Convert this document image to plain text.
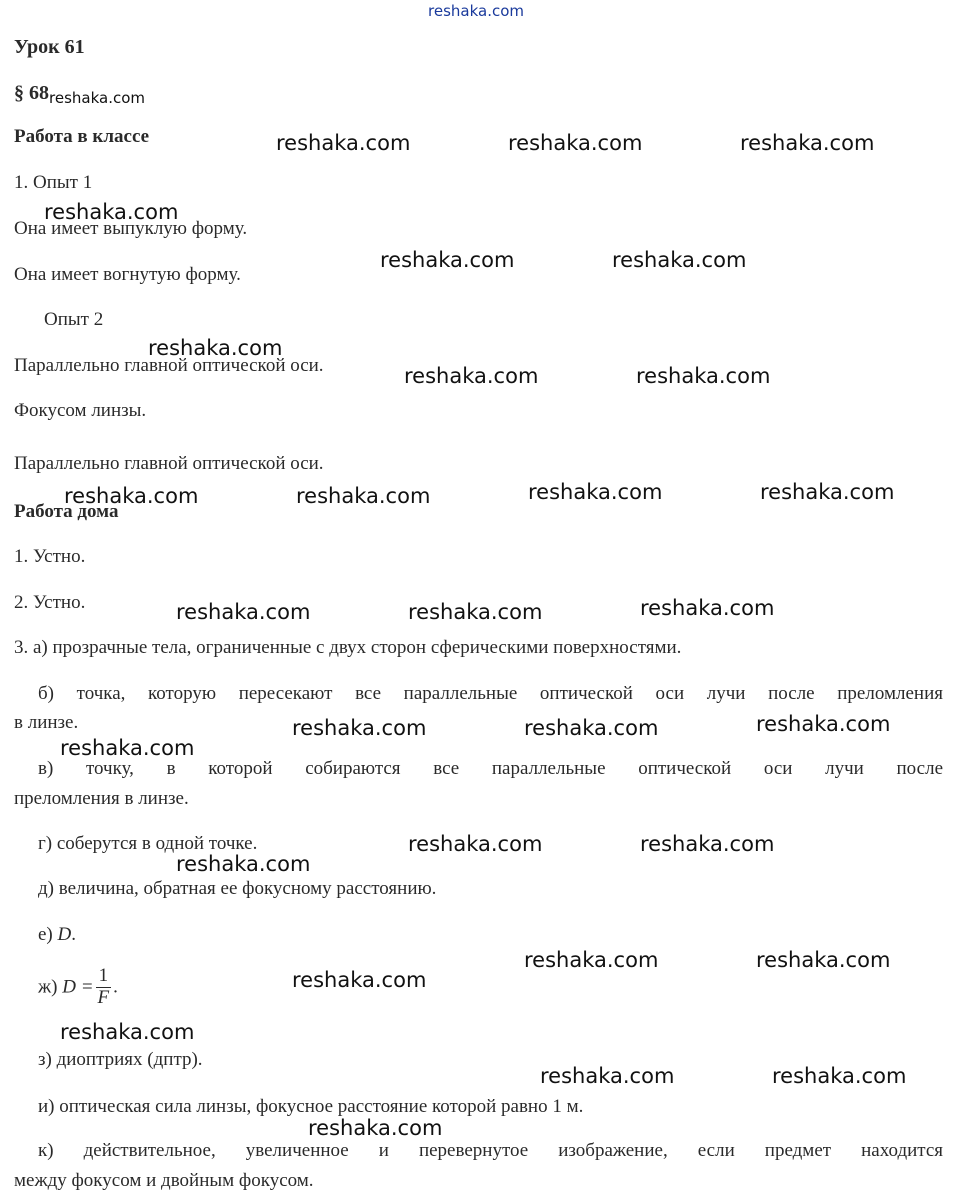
reshaka.com
Урок 61
§ $68_{reshaka.com}$
Работа в классе
1. Опыт 1
Она имеет выпуклую форму.
Она имеет вогнутую форму.
Опыт 2
Параллельно главной оптической оси.
Фокусом линзы.
Параллельно главной оптической оси.
Работа дома
1. Устно.
2. Устно.
3. а) прозрачные тела, ограниченные с двух сторон сферическими поверхностями.
б) точка, которую пересекают все параллельные оптической оси лучи после преломления
в линзе.
в) точку, в которой собираются все параллельные оптической оси лучи после
преломления в линзе.
г) соберутся в одной точке.
д) величина, обратная ее фокусному расстоянию.
е) D.
ж) $D = \frac{1}{F}$ .
з) диоптриях (дптр).
и) оптическая сила линзы, фокусное расстояние которой равно 1 м.
к) действительное, увеличенное и перевернутое изображение, если предмет находится
между фокусом и двойным фокусом.
reshaka.com	reshaka.com	reshaka.com
reshaka.com
reshaka.com	reshaka.com
reshaka.com
reshaka.com	reshaka.com
reshaka.com	reshaka.com	reshaka.com	reshaka.com
reshaka.com	reshaka.com	reshaka.com
reshaka.com	reshaka.com	reshaka.com
reshaka.com
reshaka.com	reshaka.com
reshaka.com
reshaka.com	reshaka.com
reshaka.com
reshaka.com
reshaka.com	reshaka.com
reshaka.com
